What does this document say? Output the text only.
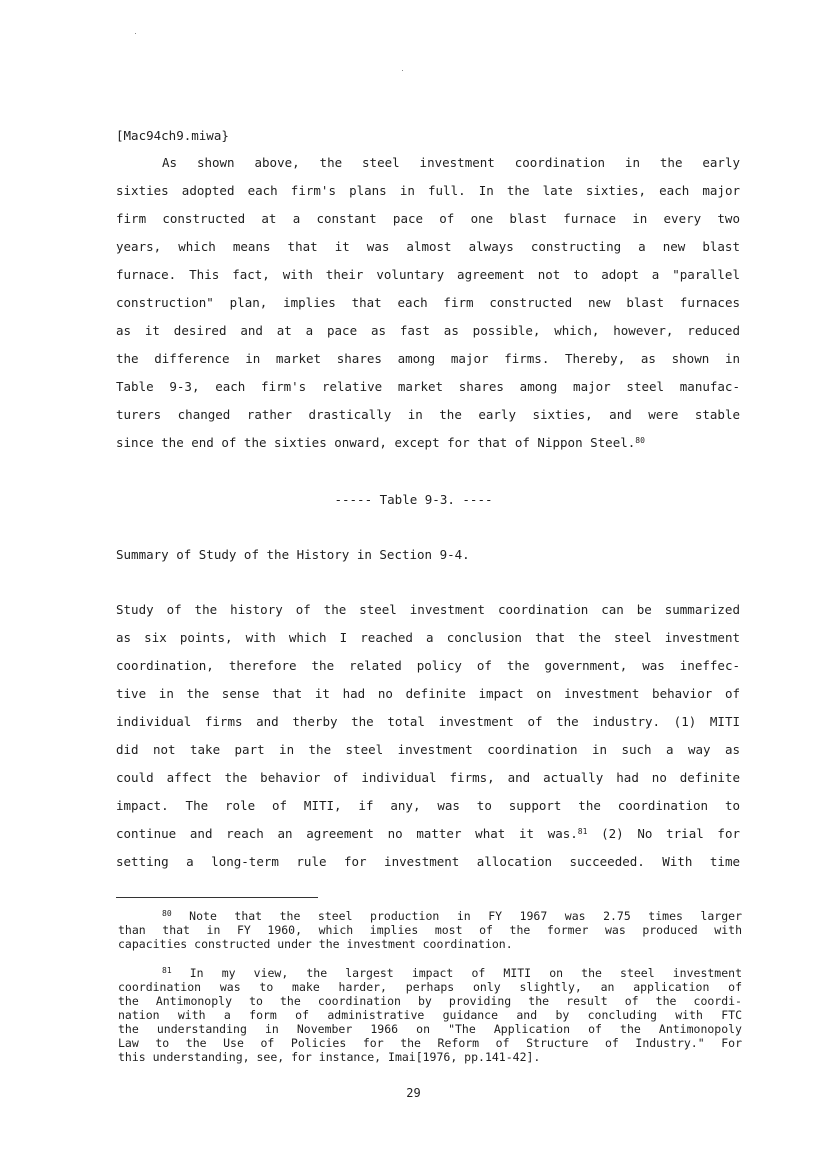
[Mac94ch9.miwa}
As shown above, the steel investment coordination in the early
sixties adopted each firm's plans in full. In the late sixties, each major
firm constructed at a constant pace of one blast furnace in every two
years, which means that it was almost always constructing a new blast
furnace. This fact, with their voluntary agreement not to adopt a "parallel
construction" plan, implies that each firm constructed new blast furnaces
as it desired and at a pace as fast as possible, which, however, reduced
the difference in market shares among major firms. Thereby, as shown in
Table 9-3, each firm's relative market shares among major steel manufac-
turers changed rather drastically in the early sixties, and were stable
since the end of the sixties onward, except for that of Nippon Steel.$^{80}$
----- Table 9-3. ----
Summary of Study of the History in Section 9-4.
Study of the history of the steel investment coordination can be summarized
as six points, with which I reached a conclusion that the steel investment
coordination, therefore the related policy of the government, was ineffec-
tive in the sense that it had no definite impact on investment behavior of
individual firms and therby the total investment of the industry. (1) MITI
did not take part in the steel investment coordination in such a way as
could affect the behavior of individual firms, and actually had no definite
impact. The role of MITI, if any, was to support the coordination to
continue and reach an agreement no matter what it was.$^{81}$ (2) No trial for
setting a long-term rule for investment allocation succeeded. With time
$^{80}$ Note that the steel production in FY 1967 was 2.75 times larger
than that in FY 1960, which implies most of the former was produced with
capacities constructed under the investment coordination.
$^{81}$ In my view, the largest impact of MITI on the steel investment
coordination was to make harder, perhaps only slightly, an application of
the Antimonoply to the coordination by providing the result of the coordi-
nation with a form of administrative guidance and by concluding with FTC
the understanding in November 1966 on "The Application of the Antimonopoly
Law to the Use of Policies for the Reform of Structure of Industry." For
this understanding, see, for instance, Imai[1976, pp.141-42].
29
